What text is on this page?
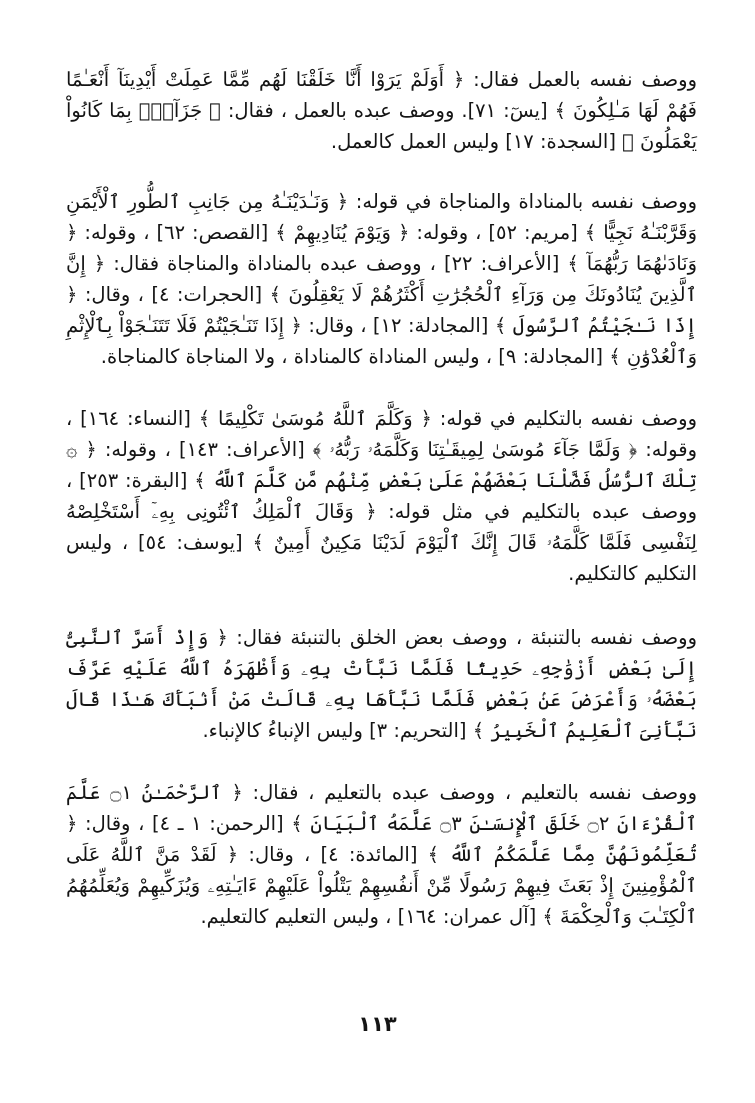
ووصف نفسه بالعمل فقال: ﴿ أَوَلَمْ يَرَوْا أَنَّا خَلَقْنَا لَهُم مِّمَّا عَمِلَتْ أَيْدِينَآ أَنْعَـٰمًا فَهُمْ لَهَا مَـٰلِكُونَ ﴾ [يسٓ: ٧١]. ووصف عبده بالعمل ، فقال: ﴿ جَزَآءًۢ بِمَا كَانُواْ يَعْمَلُونَ ﴾ [السجدة: ١٧] وليس العمل كالعمل.

ووصف نفسه بالمناداة والمناجاة في قوله: ﴿ وَنَـٰدَيْنَـٰهُ مِن جَانِبِ ٱلطُّورِ ٱلْأَيْمَنِ وَقَرَّبْنَـٰهُ نَجِيًّا ﴾ [مريم: ٥٢] ، وقوله: ﴿ وَيَوْمَ يُنَادِيهِمْ ﴾ [القصص: ٦٢] ، وقوله: ﴿ وَنَادَىٰهُمَا رَبُّهُمَآ ﴾ [الأعراف: ٢٢] ، ووصف عبده بالمناداة والمناجاة فقال: ﴿ إِنَّ ٱلَّذِينَ يُنَادُونَكَ مِن وَرَآءِ ٱلْحُجُرَٰتِ أَكْثَرُهُمْ لَا يَعْقِلُونَ ﴾ [الحجرات: ٤] ، وقال: ﴿ إِذَا نَـٰجَيْتُمُ ٱلرَّسُولَ ﴾ [المجادلة: ١٢] ، وقال: ﴿ إِذَا تَنَـٰجَيْتُمْ فَلَا تَتَنَـٰجَوْاْ بِٱلْإِثْمِ وَٱلْعُدْوَٰنِ ﴾ [المجادلة: ٩] ، وليس المناداة كالمناداة ، ولا المناجاة كالمناجاة.

ووصف نفسه بالتكليم في قوله: ﴿ وَكَلَّمَ ٱللَّهُ مُوسَىٰ تَكْلِيمًا ﴾ [النساء: ١٦٤] ، وقوله: ﴿ وَلَمَّا جَآءَ مُوسَىٰ لِمِيقَـٰتِنَا وَكَلَّمَهُۥ رَبُّهُۥ ﴾ [الأعراف: ١٤٣] ، وقوله: ﴿ ۞ تِلْكَ ٱلرُّسُلُ فَضَّلْنَا بَعْضَهُمْ عَلَىٰ بَعْضٍ مِّنْهُم مَّن كَلَّمَ ٱللَّهُ ﴾ [البقرة: ٢٥٣] ، ووصف عبده بالتكليم في مثل قوله: ﴿ وَقَالَ ٱلْمَلِكُ ٱئْتُونِى بِهِۦٓ أَسْتَخْلِصْهُ لِنَفْسِى فَلَمَّا كَلَّمَهُۥ قَالَ إِنَّكَ ٱلْيَوْمَ لَدَيْنَا مَكِينٌ أَمِينٌ ﴾ [يوسف: ٥٤] ، وليس التكليم كالتكليم.

ووصف نفسه بالتنبئة ، ووصف بعض الخلق بالتنبئة فقال: ﴿ وَإِذْ أَسَرَّ ٱلنَّبِىُّ إِلَىٰ بَعْضِ أَزْوَٰجِهِۦ حَدِيثًا فَلَمَّا نَبَّأَتْ بِهِۦ وَأَظْهَرَهُ ٱللَّهُ عَلَيْهِ عَرَّفَ بَعْضَهُۥ وَأَعْرَضَ عَنۢ بَعْضٍ فَلَمَّا نَبَّأَهَا بِهِۦ قَالَتْ مَنْ أَنۢبَأَكَ هَـٰذَا قَالَ نَبَّأَنِىَ ٱلْعَلِيمُ ٱلْخَبِيرُ ﴾ [التحريم: ٣] وليس الإنباءُ كالإنباء.

ووصف نفسه بالتعليم ، ووصف عبده بالتعليم ، فقال: ﴿ ٱلرَّحْمَـٰنُ ۝١ عَلَّمَ ٱلْقُرْءَانَ ۝٢ خَلَقَ ٱلْإِنسَـٰنَ ۝٣ عَلَّمَهُ ٱلْبَيَانَ ﴾ [الرحمن: ١ ـ ٤] ، وقال: ﴿ تُعَلِّمُونَهُنَّ مِمَّا عَلَّمَكُمُ ٱللَّهُ ﴾ [المائدة: ٤] ، وقال: ﴿ لَقَدْ مَنَّ ٱللَّهُ عَلَى ٱلْمُؤْمِنِينَ إِذْ بَعَثَ فِيهِمْ رَسُولًا مِّنْ أَنفُسِهِمْ يَتْلُواْ عَلَيْهِمْ ءَايَـٰتِهِۦ وَيُزَكِّيهِمْ وَيُعَلِّمُهُمُ ٱلْكِتَـٰبَ وَٱلْحِكْمَةَ ﴾ [آل عمران: ١٦٤] ، وليس التعليم كالتعليم.

١١٣
